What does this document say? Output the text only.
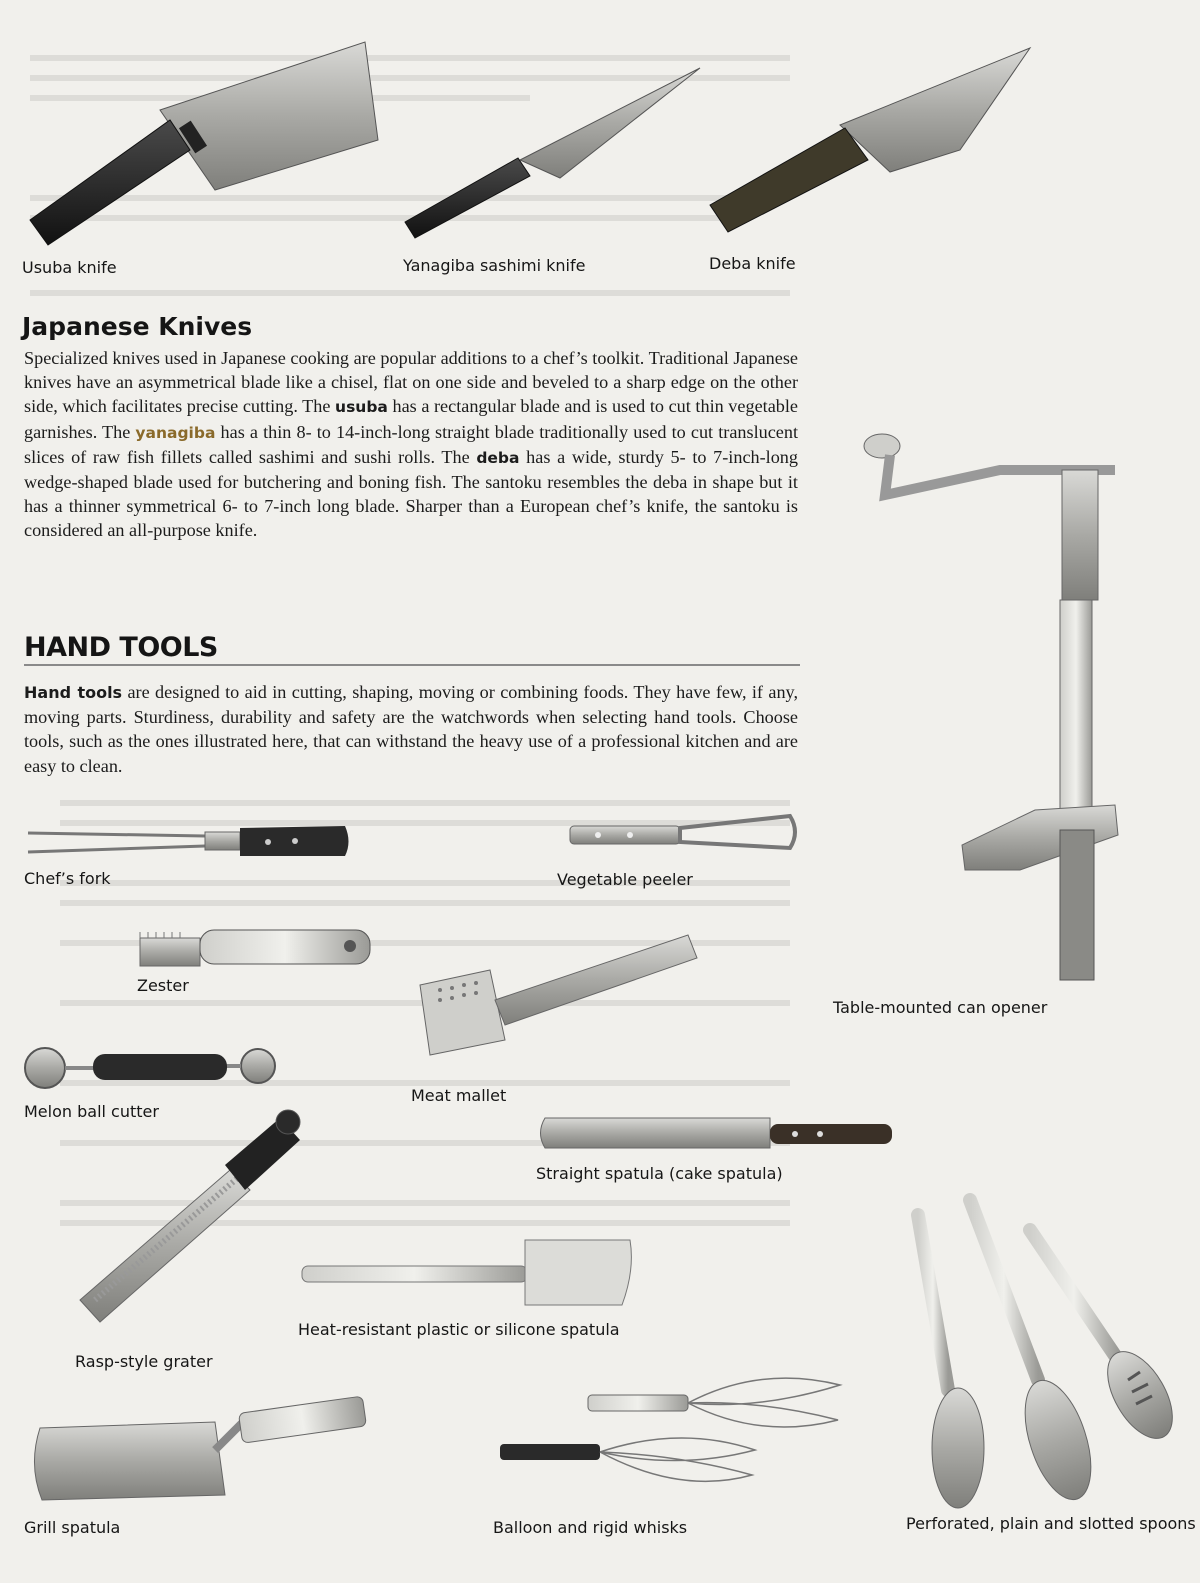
Usuba knife	Yanagiba sashimi knife	Deba knife
Japanese Knives

Specialized knives used in Japanese cooking are popular additions to a chef’s toolkit. Traditional Japanese knives have an asymmetrical blade like a chisel, flat on one side and beveled to a sharp edge on the other side, which facilitates precise cutting. The usuba has a rectangular blade and is used to cut thin vegetable garnishes. The yanagiba has a thin 8- to 14-inch-long straight blade traditionally used to cut translucent slices of raw fish fillets called sashimi and sushi rolls. The deba has a wide, sturdy 5- to 7-inch-long wedge-shaped blade used for butchering and boning fish. The santoku resembles the deba in shape but it has a thinner symmetrical 6- to 7-inch long blade. Sharper than a European chef’s knife, the santoku is considered an all-purpose knife.

HAND TOOLS

Hand tools are designed to aid in cutting, shaping, moving or combining foods. They have few, if any, moving parts. Sturdiness, durability and safety are the watchwords when selecting hand tools. Choose tools, such as the ones illustrated here, that can withstand the heavy use of a professional kitchen and are easy to clean.

Chef’s fork	Vegetable peeler
Zester
Table-mounted can opener
Meat mallet
Melon ball cutter
Straight spatula (cake spatula)
Heat-resistant plastic or silicone spatula
Rasp-style grater
Grill spatula	Balloon and rigid whisks	Perforated, plain and slotted spoons
